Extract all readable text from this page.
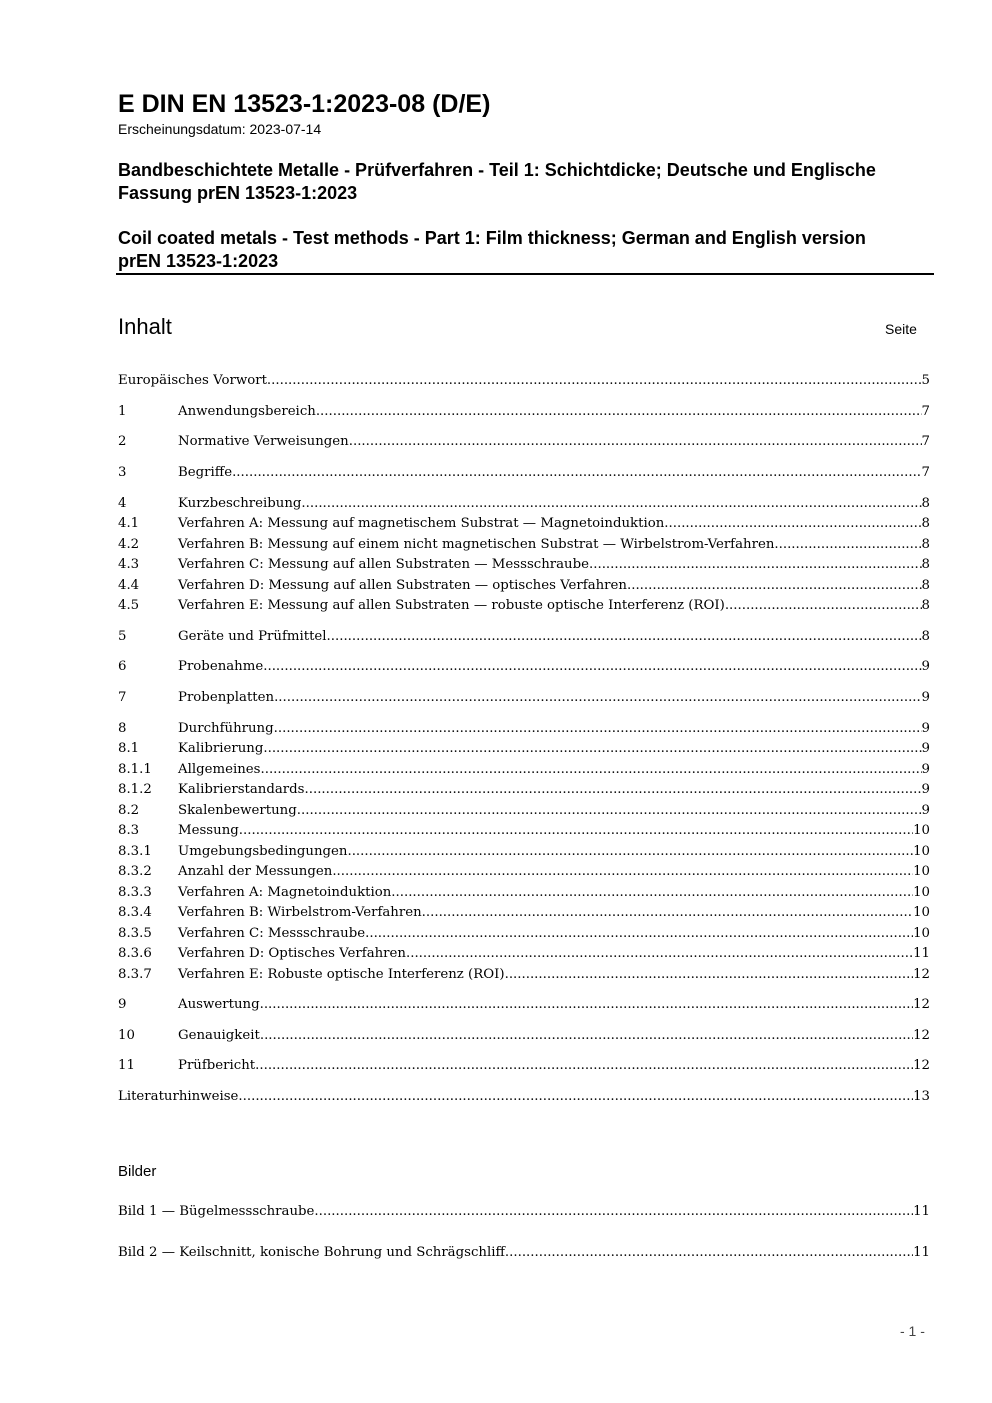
E DIN EN 13523-1:2023-08 (D/E)

Erscheinungsdatum: 2023-07-14

Bandbeschichtete Metalle - Prüfverfahren - Teil 1: Schichtdicke; Deutsche und Englische Fassung prEN 13523-1:2023

Coil coated metals - Test methods - Part 1: Film thickness; German and English version prEN 13523-1:2023

Inhalt	Seite
Europäisches Vorwort .....	5
1	Anwendungsbereich .....	7
2	Normative Verweisungen .....	7
3	Begriffe .....	7
4	Kurzbeschreibung .....	8
4.1	Verfahren A: Messung auf magnetischem Substrat — Magnetoinduktion .....	8
4.2	Verfahren B: Messung auf einem nicht magnetischen Substrat — Wirbelstrom-Verfahren .....	8
4.3	Verfahren C: Messung auf allen Substraten — Messschraube .....	8
4.4	Verfahren D: Messung auf allen Substraten — optisches Verfahren .....	8
4.5	Verfahren E: Messung auf allen Substraten — robuste optische Interferenz (ROI) .....	8
5	Geräte und Prüfmittel .....	8
6	Probenahme .....	9
7	Probenplatten .....	9
8	Durchführung .....	9
8.1	Kalibrierung .....	9
8.1.1 Allgemeines .....	9
8.1.2 Kalibrierstandards .....	9
8.2	Skalenbewertung .....	9
8.3	Messung .....	10
8.3.1 Umgebungsbedingungen .....	10
8.3.2 Anzahl der Messungen .....	10
8.3.3 Verfahren A: Magnetoinduktion .....	10
8.3.4 Verfahren B: Wirbelstrom-Verfahren .....	10
8.3.5 Verfahren C: Messschraube .....	10
8.3.6 Verfahren D: Optisches Verfahren .....	11
8.3.7 Verfahren E: Robuste optische Interferenz (ROI) .....	12
9	Auswertung .....	12
10	Genauigkeit .....	12
11	Prüfbericht .....	12
Literaturhinweise .....	13
Bilder
Bild 1 — Bügelmessschraube .....	11
Bild 2 — Keilschnitt, konische Bohrung und Schrägschliff .....	11
- 1 -
